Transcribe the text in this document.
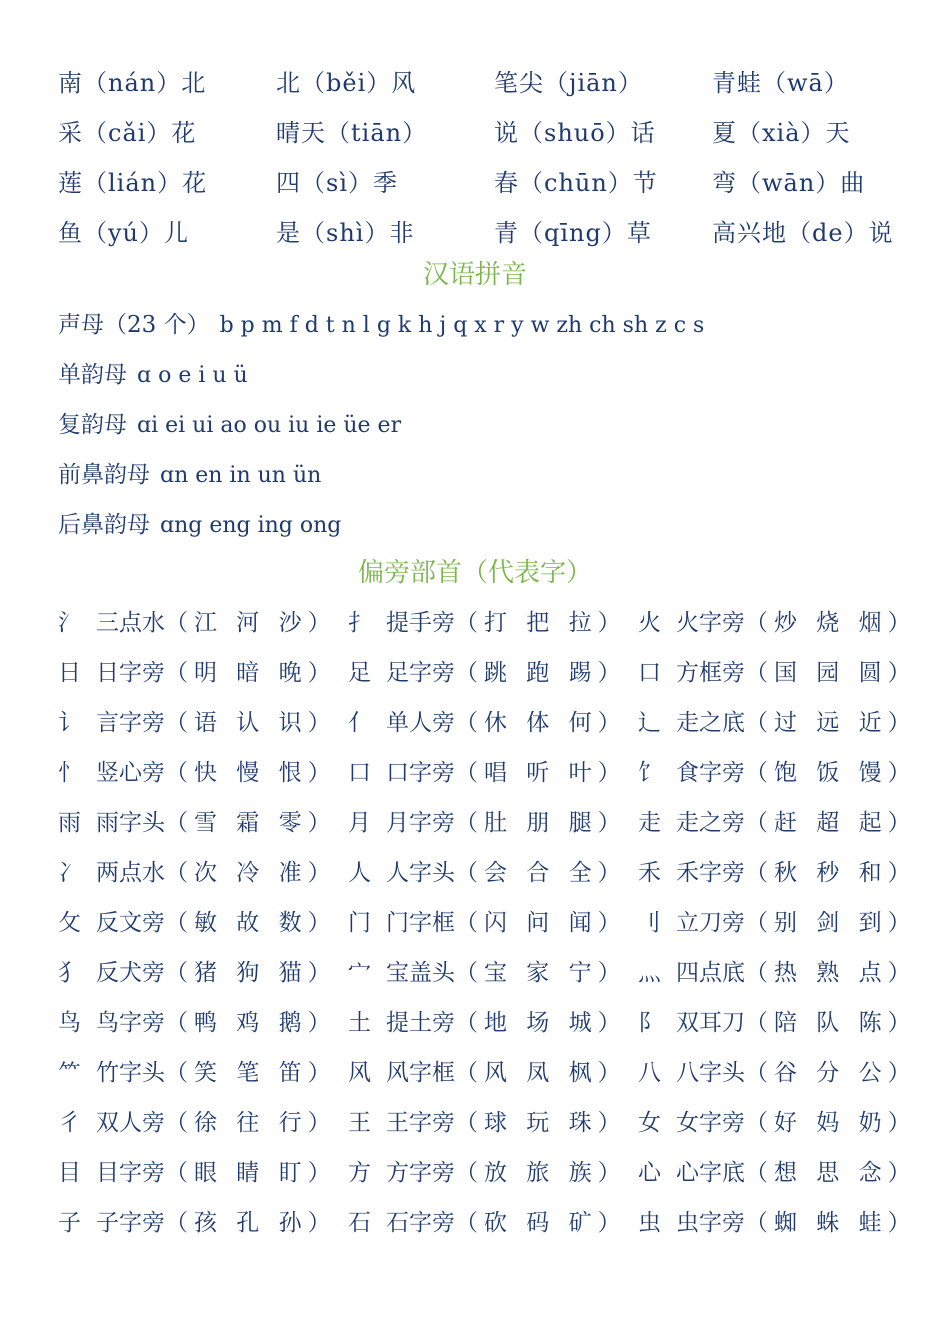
南（nán）北	北（běi）风	笔尖（jiān）	青蛙（wā）
采（cǎi）花	晴天（tiān）	说（shuō）话	夏（xià）天
莲（lián）花	四（sì）季	春（chūn）节	弯（wān）曲
鱼（yú）儿	是（shì）非	青（qīng）草	高兴地（de）说
汉语拼音
声母（23 个） b p m f d t n l g k h j q x r y w zh ch sh z c s
单韵母 ɑ o e i u ü
复韵母 ɑi ei ui ao ou iu ie üe er
前鼻韵母 ɑn en in un ün
后鼻韵母 ɑng eng ing ong
偏旁部首（代表字）
氵 三点水 （江 河 沙） 扌 提手旁 （打 把 拉） 火 火字旁 （炒 烧 烟）
日 日字旁 （明 暗 晚） 足 足字旁 （跳 跑 踢） 口 方框旁 （国 园 圆）
讠 言字旁 （语 认 识） 亻 单人旁 （休 体 何） 辶 走之底 （过 远 近）
忄 竖心旁 （快 慢 恨） 口 口字旁 （唱 听 叶） 饣 食字旁 （饱 饭 馒）
雨 雨字头 （雪 霜 零） 月 月字旁 （肚 朋 腿） 走 走之旁 （赶 超 起）
冫 两点水 （次 冷 准） 人 人字头 （会 合 全） 禾 禾字旁 （秋 秒 和）
攵 反文旁 （敏 故 数） 门 门字框 （闪 问 闻） 刂 立刀旁 （别 剑 到）
犭 反犬旁 （猪 狗 猫） 宀 宝盖头 （宝 家 宁） 灬 四点底 （热 熟 点）
鸟 鸟字旁 （鸭 鸡 鹅） 土 提土旁 （地 场 城） 阝 双耳刀 （陪 队 陈）
⺮ 竹字头 （笑 笔 笛） 风 风字框 （风 凤 枫） 八 八字头 （谷 分 公）
彳 双人旁 （徐 往 行） 王 王字旁 （球 玩 珠） 女 女字旁 （好 妈 奶）
目 目字旁 （眼 睛 盯） 方 方字旁 （放 旅 族） 心 心字底 （想 思 念）
子 子字旁 （孩 孔 孙） 石 石字旁 （砍 码 矿） 虫 虫字旁 （蜘 蛛 蛙）
